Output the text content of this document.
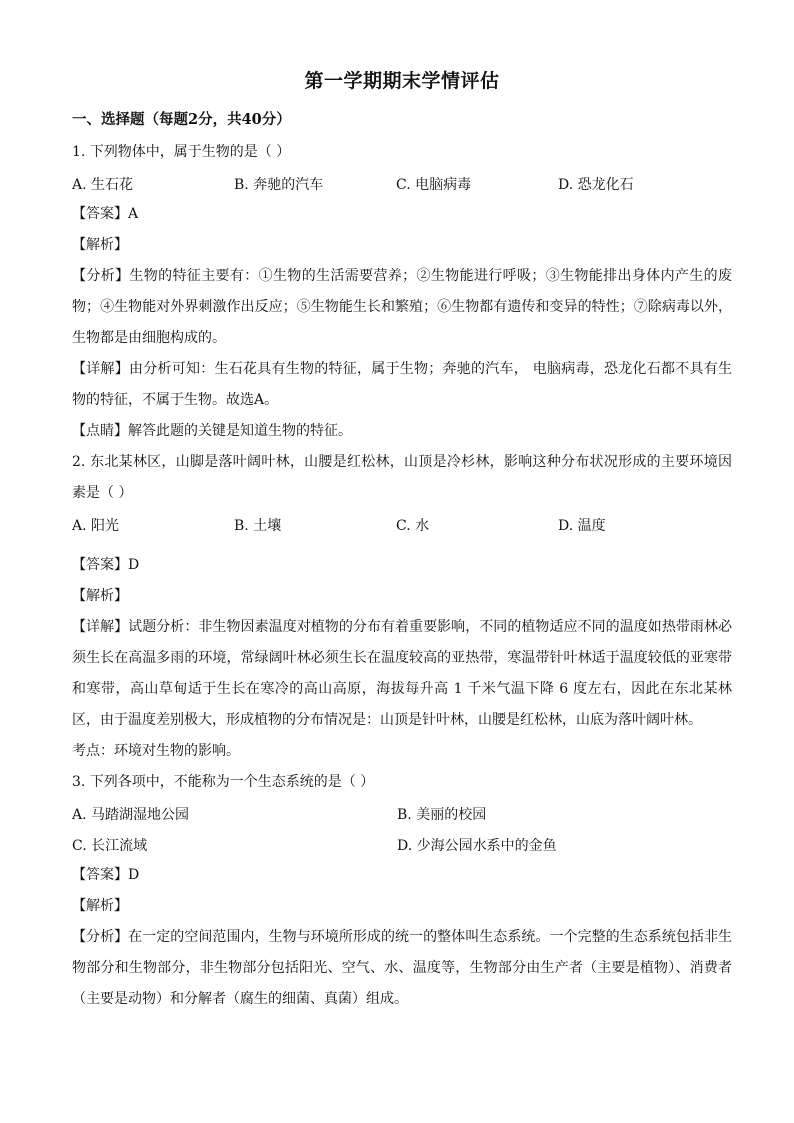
第一学期期末学情评估
一、选择题（每题2分，共40分）

1. 下列物体中，属于生物的是（ ）

A. 生石花	B. 奔驰的汽车	C. 电脑病毒	D. 恐龙化石

【答案】A

【解析】

【分析】生物的特征主要有：①生物的生活需要营养；②生物能进行呼吸；③生物能排出身体内产生的废物；④生物能对外界刺激作出反应；⑤生物能生长和繁殖；⑥生物都有遗传和变异的特性；⑦除病毒以外，生物都是由细胞构成的。

【详解】由分析可知：生石花具有生物的特征，属于生物；奔驰的汽车， 电脑病毒，恐龙化石都不具有生物的特征，不属于生物。故选A。

【点睛】解答此题的关键是知道生物的特征。

2. 东北某林区，山脚是落叶阔叶林，山腰是红松林，山顶是冷杉林，影响这种分布状况形成的主要环境因素是（ ）

A. 阳光	B. 土壤	C. 水	D. 温度

【答案】D

【解析】

【详解】试题分析：非生物因素温度对植物的分布有着重要影响，不同的植物适应不同的温度如热带雨林必须生长在高温多雨的环境，常绿阔叶林必须生长在温度较高的亚热带，寒温带针叶林适于温度较低的亚寒带和寒带，高山草甸适于生长在寒冷的高山高原，海拔每升高 1 千米气温下降 6 度左右，因此在东北某林区，由于温度差别极大，形成植物的分布情况是：山顶是针叶林，山腰是红松林，山底为落叶阔叶林。

考点：环境对生物的影响。

3. 下列各项中，不能称为一个生态系统的是（ ）

A. 马踏湖湿地公园	B. 美丽的校园
C. 长江流域	D. 少海公园水系中的金鱼

【答案】D

【解析】

【分析】在一定的空间范围内，生物与环境所形成的统一的整体叫生态系统。一个完整的生态系统包括非生物部分和生物部分，非生物部分包括阳光、空气、水、温度等，生物部分由生产者（主要是植物）、消费者（主要是动物）和分解者（腐生的细菌、真菌）组成。
